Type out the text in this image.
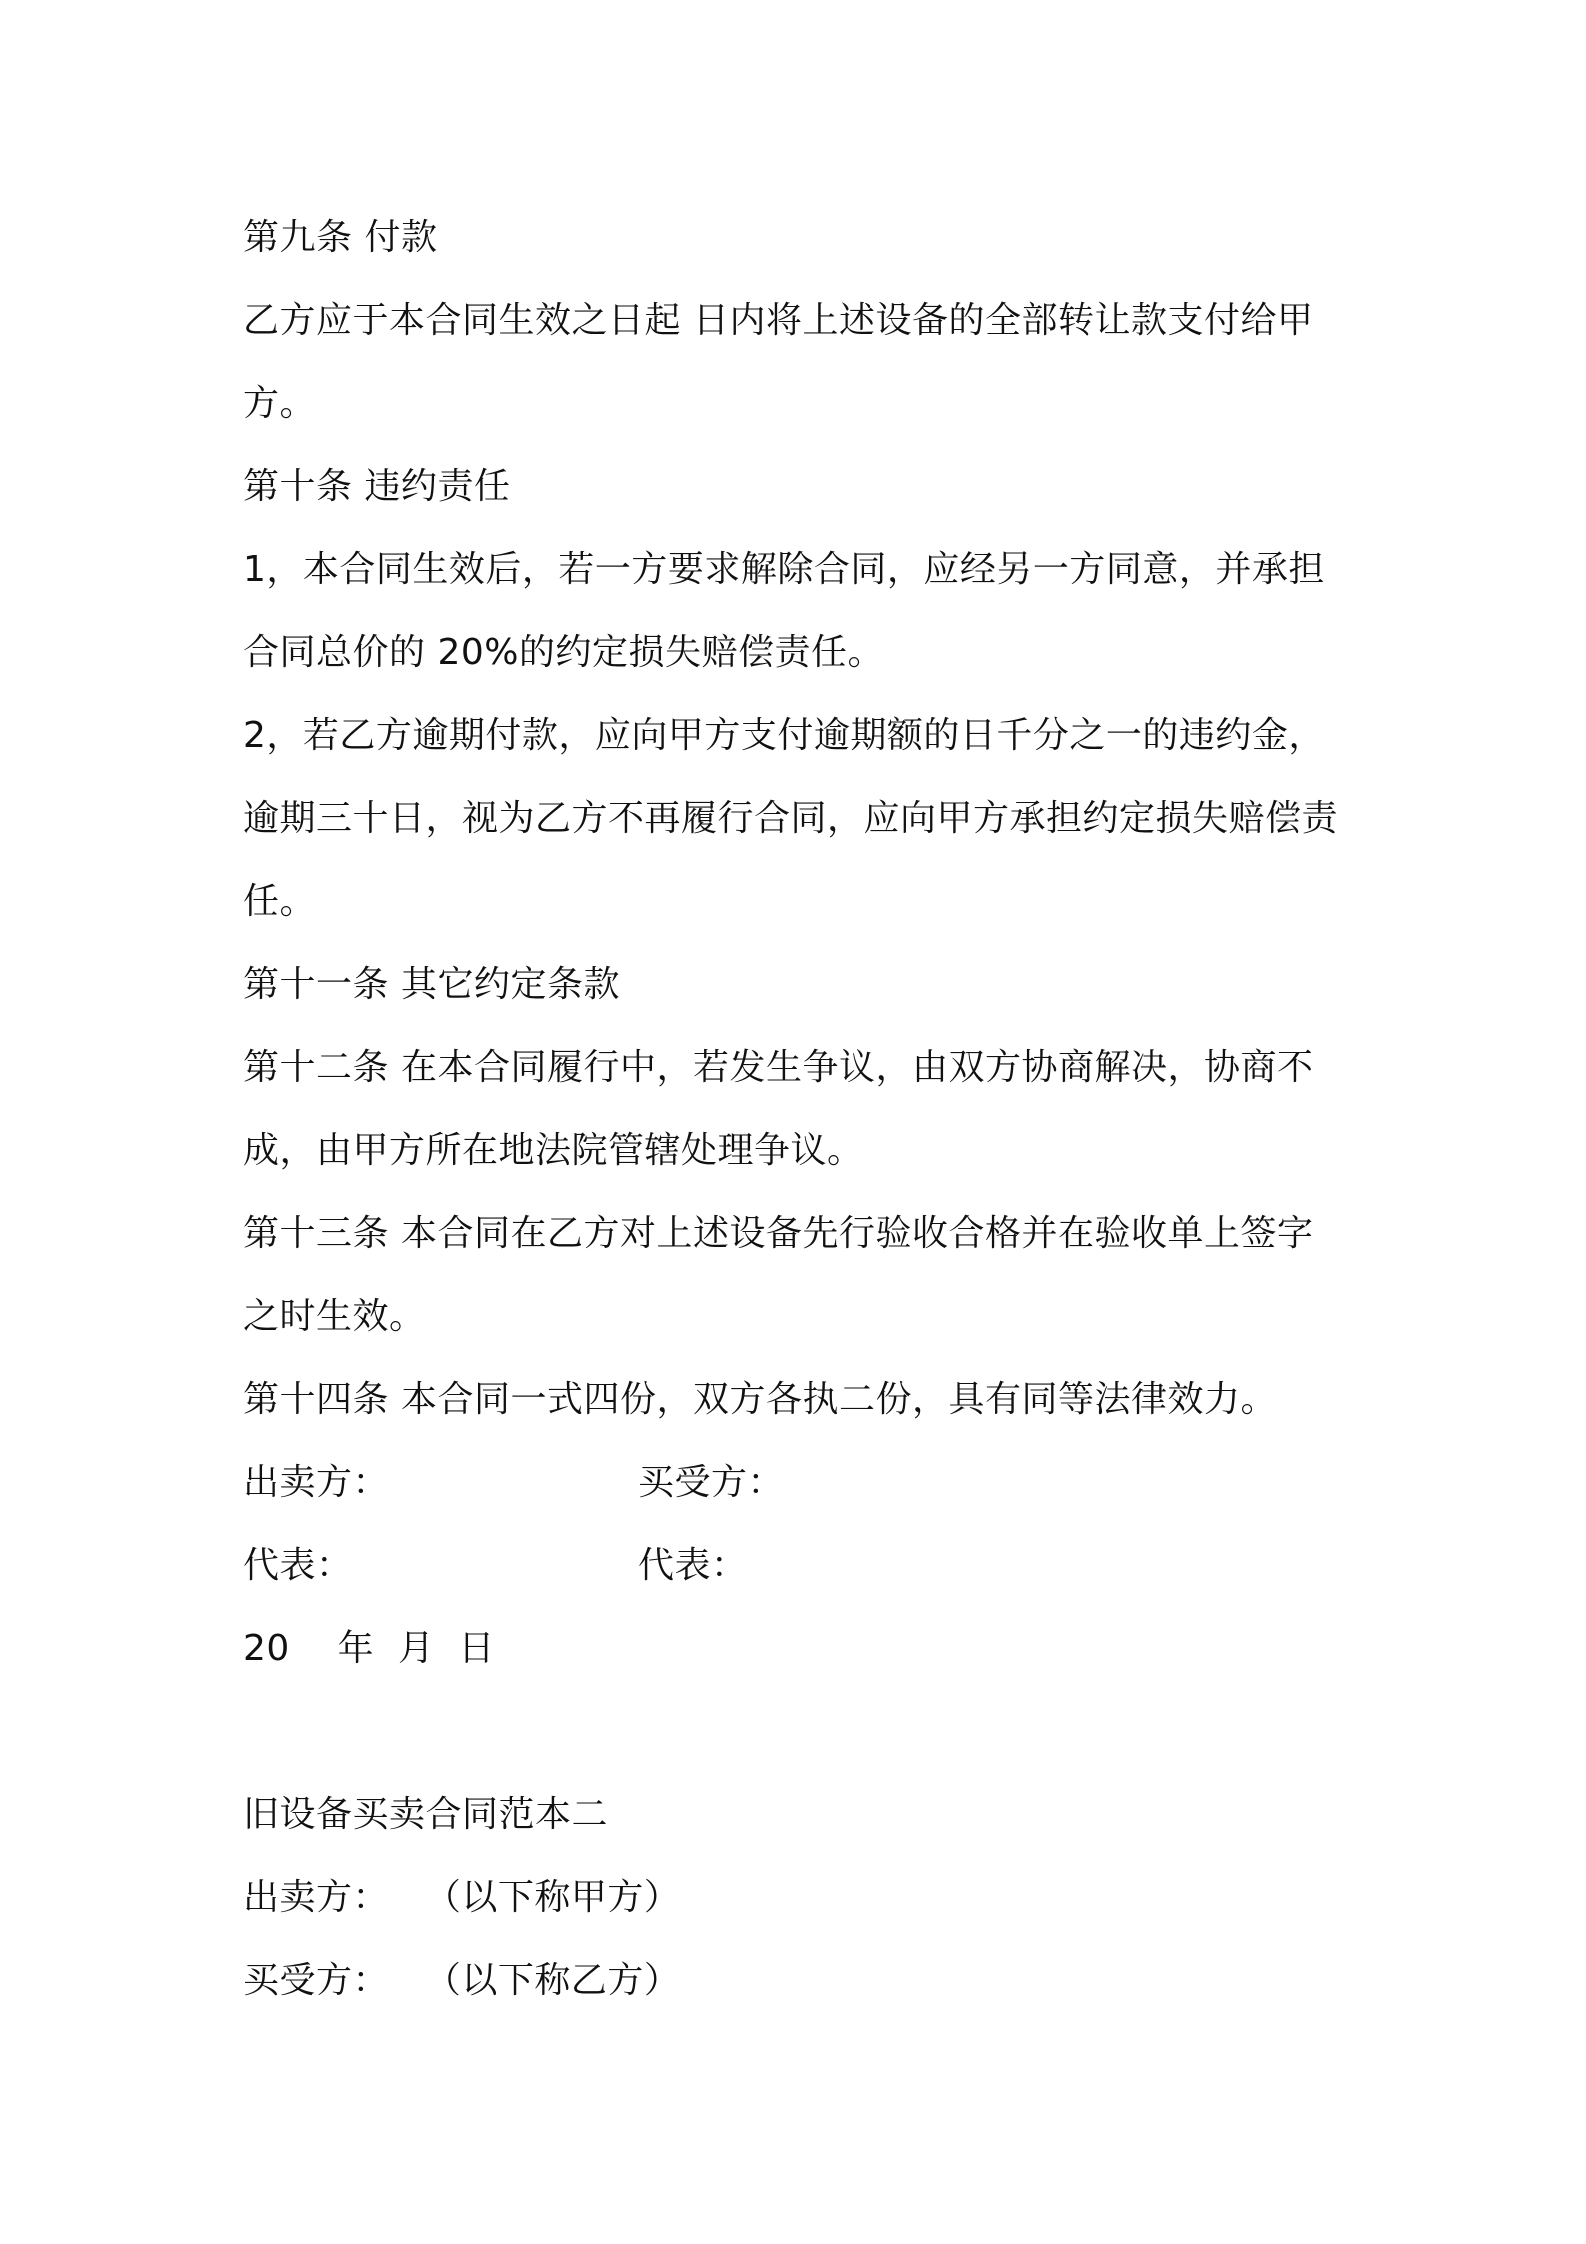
第九条 付款
乙方应于本合同生效之日起 日内将上述设备的全部转让款支付给甲
方。
第十条 违约责任
1，本合同生效后，若一方要求解除合同，应经另一方同意，并承担
合同总价的 20%的约定损失赔偿责任。
2，若乙方逾期付款，应向甲方支付逾期额的日千分之一的违约金，
逾期三十日，视为乙方不再履行合同，应向甲方承担约定损失赔偿责
任。
第十一条 其它约定条款
第十二条 在本合同履行中，若发生争议，由双方协商解决，协商不
成，由甲方所在地法院管辖处理争议。
第十三条 本合同在乙方对上述设备先行验收合格并在验收单上签字
之时生效。
第十四条 本合同一式四份，双方各执二份，具有同等法律效力。
出卖方：	买受方：
代表：	代表：
20    年  月  日
旧设备买卖合同范本二
出卖方：   （以下称甲方）
买受方：   （以下称乙方）
